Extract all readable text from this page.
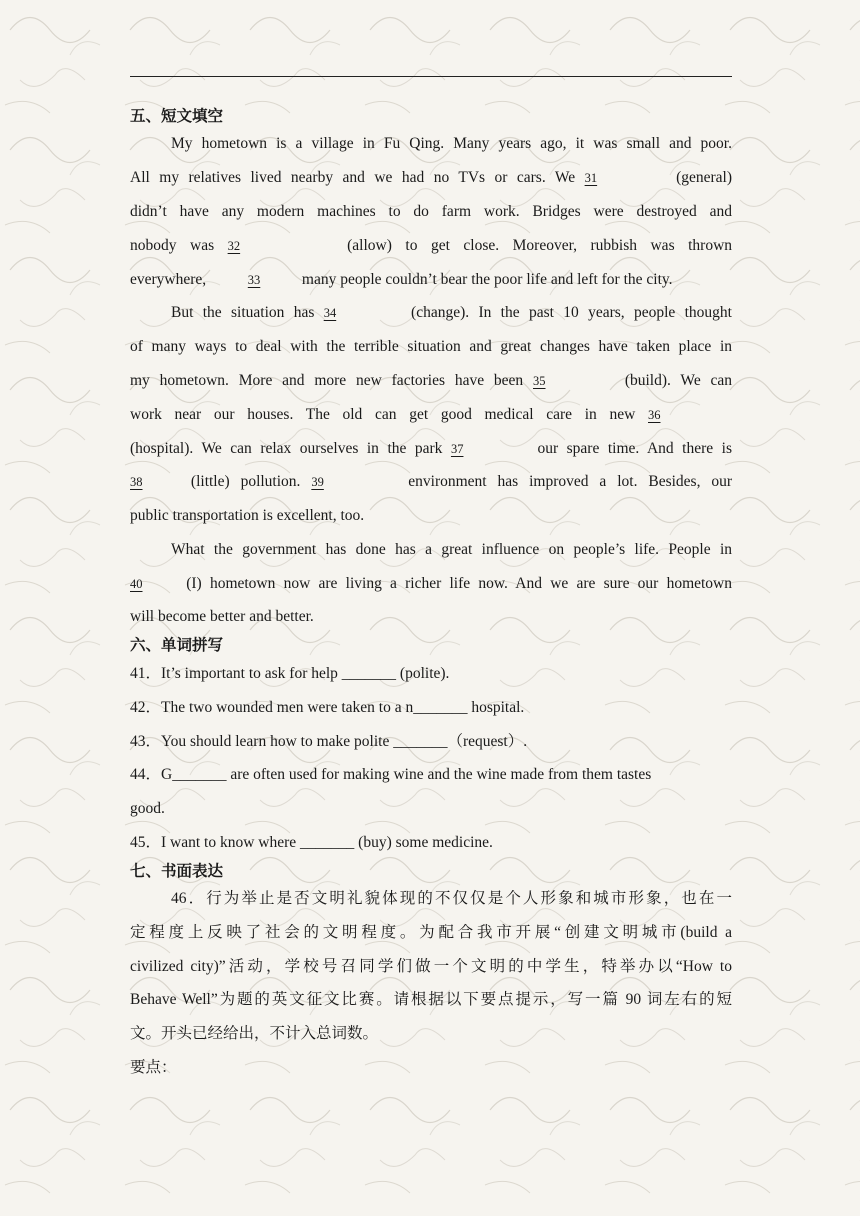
五、短文填空
My hometown is a village in Fu Qing. Many years ago, it was small and poor.
All my relatives lived nearby and we had no TVs or cars. We 31	(general)
didn’t have any modern machines to do farm work. Bridges were destroyed and
nobody was 32	(allow) to get close. Moreover, rubbish was thrown
everywhere,	33	many people couldn’t bear the poor life and left for the city.
But the situation has 34	(change). In the past 10 years, people thought
of many ways to deal with the terrible situation and great changes have taken place in
my hometown. More and more new factories have been 35	(build). We can
work near our houses. The old can get good medical care in new 36
(hospital). We can relax ourselves in the park 37	our spare time. And there is
38	(little) pollution. 39	environment has improved a lot. Besides, our
public transportation is excellent, too.
What the government has done has a great influence on people’s life. People in
40	(I) hometown now are living a richer life now. And we are sure our hometown
will become better and better.
六、单词拼写
41．It’s important to ask for help _______ (polite).
42．The two wounded men were taken to a n_______ hospital.
43．You should learn how to make polite _______（request）.
44．G_______ are often used for making wine and the wine made from them tastes
good.
45．I want to know where _______ (buy) some medicine.
七、书面表达
46．行为举止是否文明礼貌体现的不仅仅是个人形象和城市形象，也在一
定程度上反映了社会的文明程度。为配合我市开展“创建文明城市(build a
civilized city)”活动，学校号召同学们做一个文明的中学生，特举办以“How to
Behave Well”为题的英文征文比赛。请根据以下要点提示，写一篇 90 词左右的短
文。开头已经给出，不计入总词数。
要点：
